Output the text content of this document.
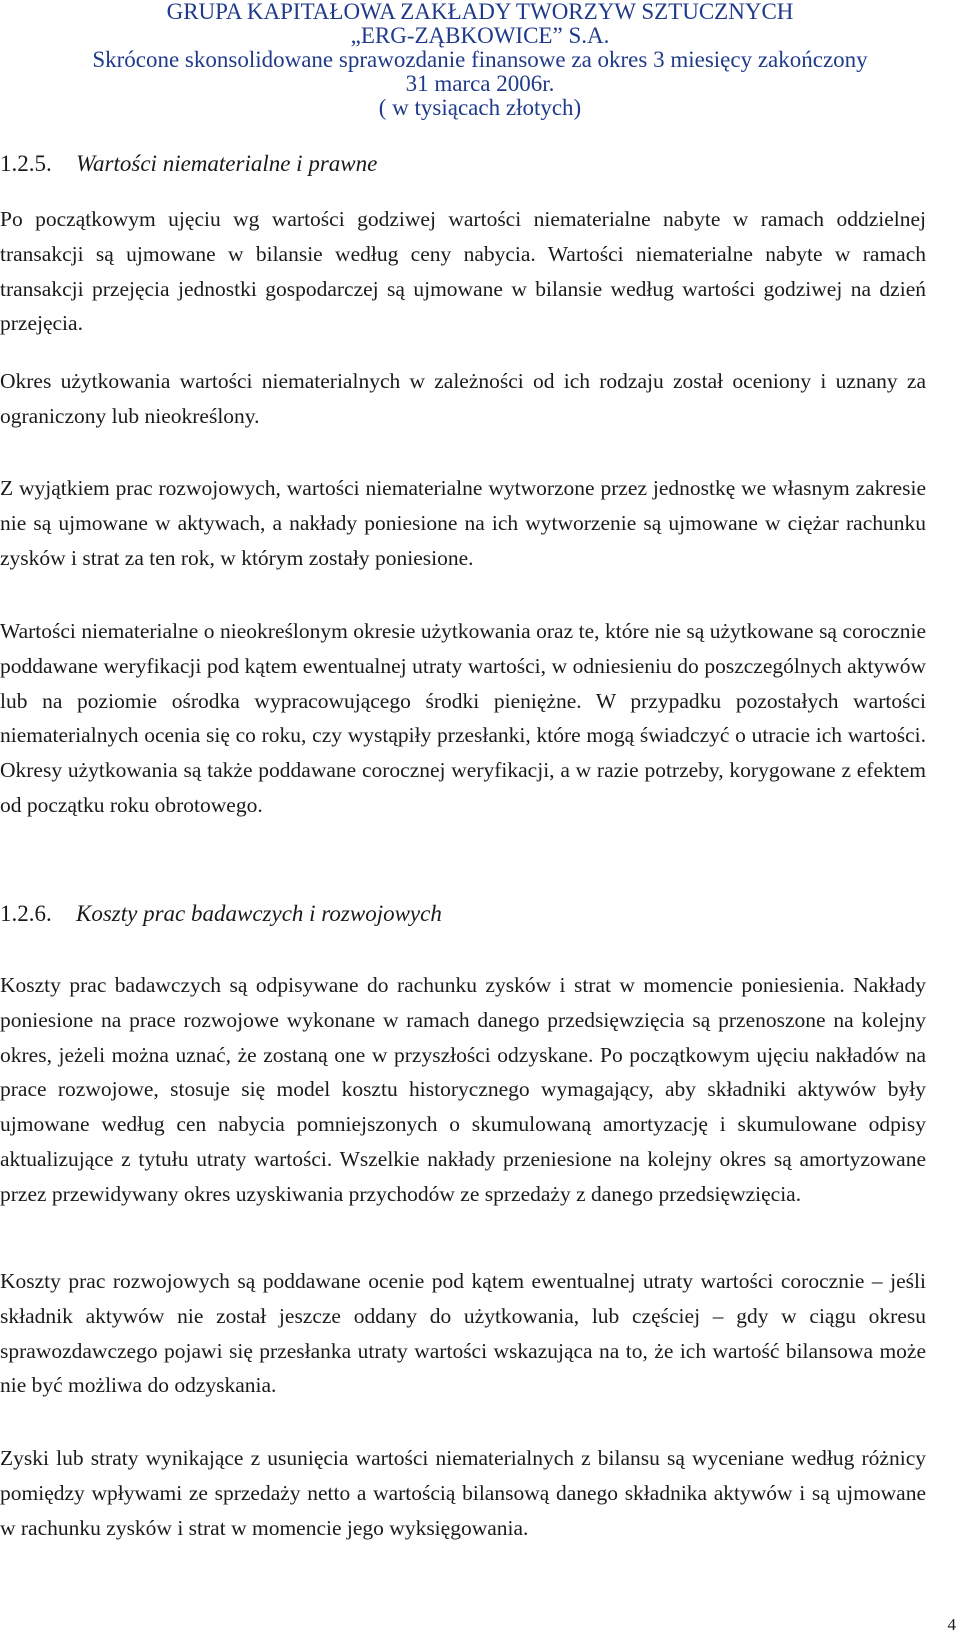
GRUPA KAPITAŁOWA ZAKŁADY TWORZYW SZTUCZNYCH
„ERG-ZĄBKOWICE” S.A.
Skrócone skonsolidowane sprawozdanie finansowe za okres 3 miesięcy zakończony
31 marca 2006r.
( w tysiącach złotych)
1.2.5. Wartości niematerialne i prawne

Po początkowym ujęciu wg wartości godziwej wartości niematerialne nabyte w ramach oddzielnej transakcji są ujmowane w bilansie według ceny nabycia. Wartości niematerialne nabyte w ramach transakcji przejęcia jednostki gospodarczej są ujmowane w bilansie według wartości godziwej na dzień przejęcia.

Okres użytkowania wartości niematerialnych w zależności od ich rodzaju został oceniony i uznany za ograniczony lub nieokreślony.

Z wyjątkiem prac rozwojowych, wartości niematerialne wytworzone przez jednostkę we własnym zakresie nie są ujmowane w aktywach, a nakłady poniesione na ich wytworzenie są ujmowane w ciężar rachunku zysków i strat za ten rok, w którym zostały poniesione.

Wartości niematerialne o nieokreślonym okresie użytkowania oraz te, które nie są użytkowane są corocznie poddawane weryfikacji pod kątem ewentualnej utraty wartości, w odniesieniu do poszczególnych aktywów lub na poziomie ośrodka wypracowującego środki pieniężne. W przypadku pozostałych wartości niematerialnych ocenia się co roku, czy wystąpiły przesłanki, które mogą świadczyć o utracie ich wartości. Okresy użytkowania są także poddawane corocznej weryfikacji, a w razie potrzeby, korygowane z efektem od początku roku obrotowego.

1.2.6. Koszty prac badawczych i rozwojowych

Koszty prac badawczych są odpisywane do rachunku zysków i strat w momencie poniesienia. Nakłady poniesione na prace rozwojowe wykonane w ramach danego przedsięwzięcia są przenoszone na kolejny okres, jeżeli można uznać, że zostaną one w przyszłości odzyskane. Po początkowym ujęciu nakładów na prace rozwojowe, stosuje się model kosztu historycznego wymagający, aby składniki aktywów były ujmowane według cen nabycia pomniejszonych o skumulowaną amortyzację i skumulowane odpisy aktualizujące z tytułu utraty wartości. Wszelkie nakłady przeniesione na kolejny okres są amortyzowane przez przewidywany okres uzyskiwania przychodów ze sprzedaży z danego przedsięwzięcia.

Koszty prac rozwojowych są poddawane ocenie pod kątem ewentualnej utraty wartości corocznie – jeśli składnik aktywów nie został jeszcze oddany do użytkowania, lub częściej – gdy w ciągu okresu sprawozdawczego pojawi się przesłanka utraty wartości wskazująca na to, że ich wartość bilansowa może nie być możliwa do odzyskania.

Zyski lub straty wynikające z usunięcia wartości niematerialnych z bilansu są wyceniane według różnicy pomiędzy wpływami ze sprzedaży netto a wartością bilansową danego składnika aktywów i są ujmowane w rachunku zysków i strat w momencie jego wyksięgowania.

4
